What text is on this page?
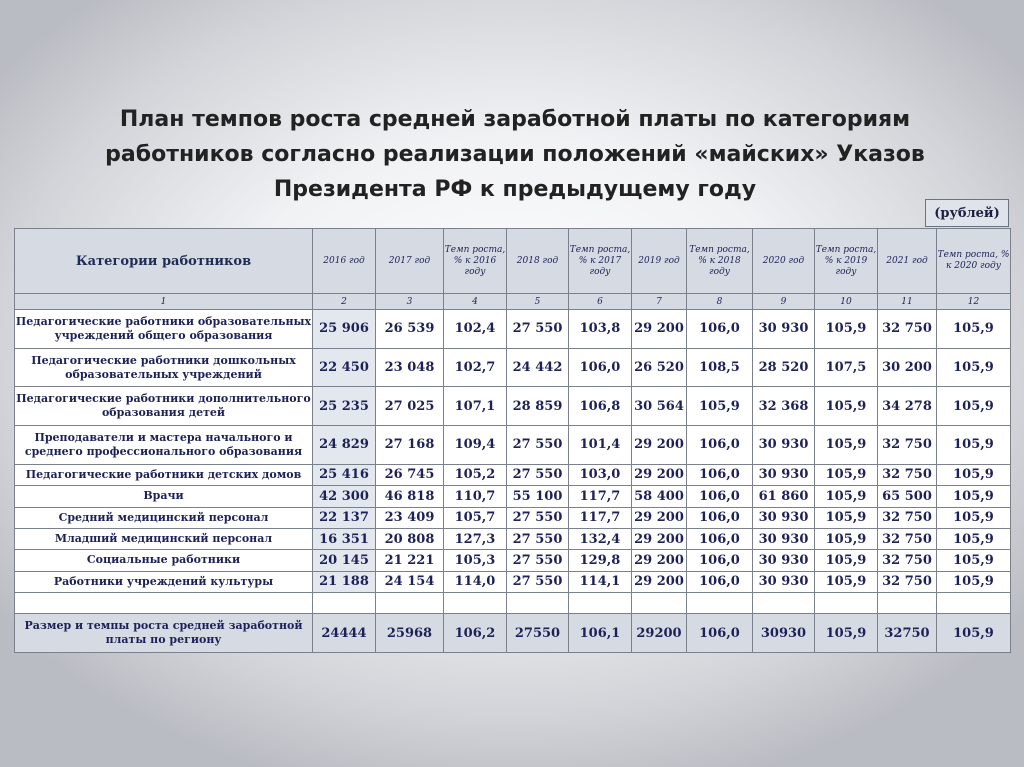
План темпов роста средней заработной платы по категориям
работников согласно реализации положений «майских» Указов
Президента РФ к предыдущему году
(рублей)
Категории работников	2016 год	2017 год	Темп роста, % к 2016 году	2018 год	Темп роста, % к 2017 году	2019 год	Темп роста, % к 2018 году	2020 год	Темп роста, % к 2019 году	2021 год	Темп роста, % к 2020 году
1	2	3	4	5	6	7	8	9	10	11	12
Педагогические работники образовательных учреждений общего образования	25 906	26 539	102,4	27 550	103,8	29 200	106,0	30 930	105,9	32 750	105,9
Педагогические работники дошкольных образовательных учреждений	22 450	23 048	102,7	24 442	106,0	26 520	108,5	28 520	107,5	30 200	105,9
Педагогические работники дополнительного образования детей	25 235	27 025	107,1	28 859	106,8	30 564	105,9	32 368	105,9	34 278	105,9
Преподаватели и мастера начального и среднего профессионального образования	24 829	27 168	109,4	27 550	101,4	29 200	106,0	30 930	105,9	32 750	105,9
Педагогические работники детских домов	25 416	26 745	105,2	27 550	103,0	29 200	106,0	30 930	105,9	32 750	105,9
Врачи	42 300	46 818	110,7	55 100	117,7	58 400	106,0	61 860	105,9	65 500	105,9
Средний медицинский персонал	22 137	23 409	105,7	27 550	117,7	29 200	106,0	30 930	105,9	32 750	105,9
Младший медицинский персонал	16 351	20 808	127,3	27 550	132,4	29 200	106,0	30 930	105,9	32 750	105,9
Социальные работники	20 145	21 221	105,3	27 550	129,8	29 200	106,0	30 930	105,9	32 750	105,9
Работники учреждений культуры	21 188	24 154	114,0	27 550	114,1	29 200	106,0	30 930	105,9	32 750	105,9

Размер и темпы роста средней заработной платы по региону	24444	25968	106,2	27550	106,1	29200	106,0	30930	105,9	32750	105,9
